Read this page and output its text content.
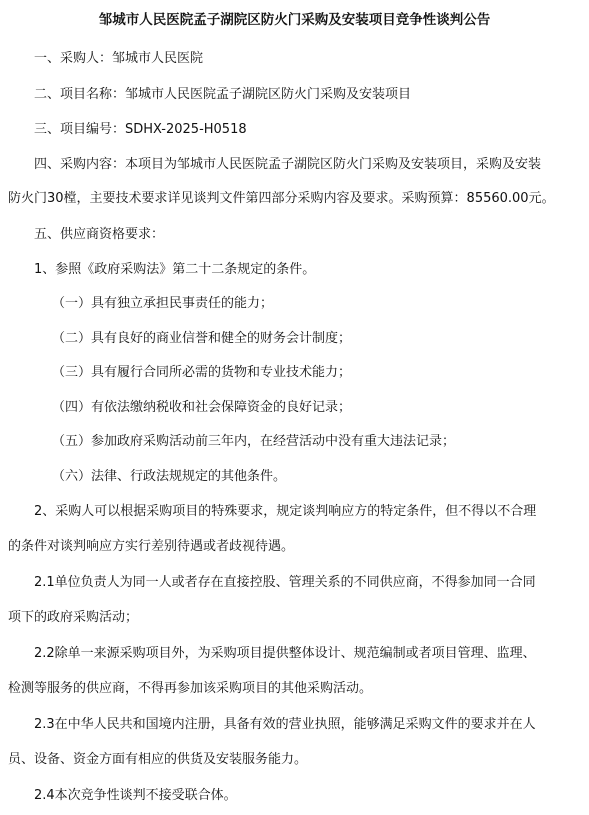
邹城市人民医院孟子湖院区防火门采购及安装项目竞争性谈判公告
一、采购人：邹城市人民医院
二、项目名称：邹城市人民医院孟子湖院区防火门采购及安装项目
三、项目编号：SDHX-2025-H0518
四、采购内容：本项目为邹城市人民医院孟子湖院区防火门采购及安装项目，采购及安装
防火门30樘，主要技术要求详见谈判文件第四部分采购内容及要求。采购预算：85560.00元。
五、供应商资格要求：
1、参照《政府采购法》第二十二条规定的条件。
（一）具有独立承担民事责任的能力；
（二）具有良好的商业信誉和健全的财务会计制度；
（三）具有履行合同所必需的货物和专业技术能力；
（四）有依法缴纳税收和社会保障资金的良好记录；
（五）参加政府采购活动前三年内，在经营活动中没有重大违法记录；
（六）法律、行政法规规定的其他条件。
2、采购人可以根据采购项目的特殊要求，规定谈判响应方的特定条件，但不得以不合理
的条件对谈判响应方实行差别待遇或者歧视待遇。
2.1单位负责人为同一人或者存在直接控股、管理关系的不同供应商，不得参加同一合同
项下的政府采购活动；
2.2除单一来源采购项目外，为采购项目提供整体设计、规范编制或者项目管理、监理、
检测等服务的供应商，不得再参加该采购项目的其他采购活动。
2.3在中华人民共和国境内注册，具备有效的营业执照，能够满足采购文件的要求并在人
员、设备、资金方面有相应的供货及安装服务能力。
2.4本次竞争性谈判不接受联合体。
